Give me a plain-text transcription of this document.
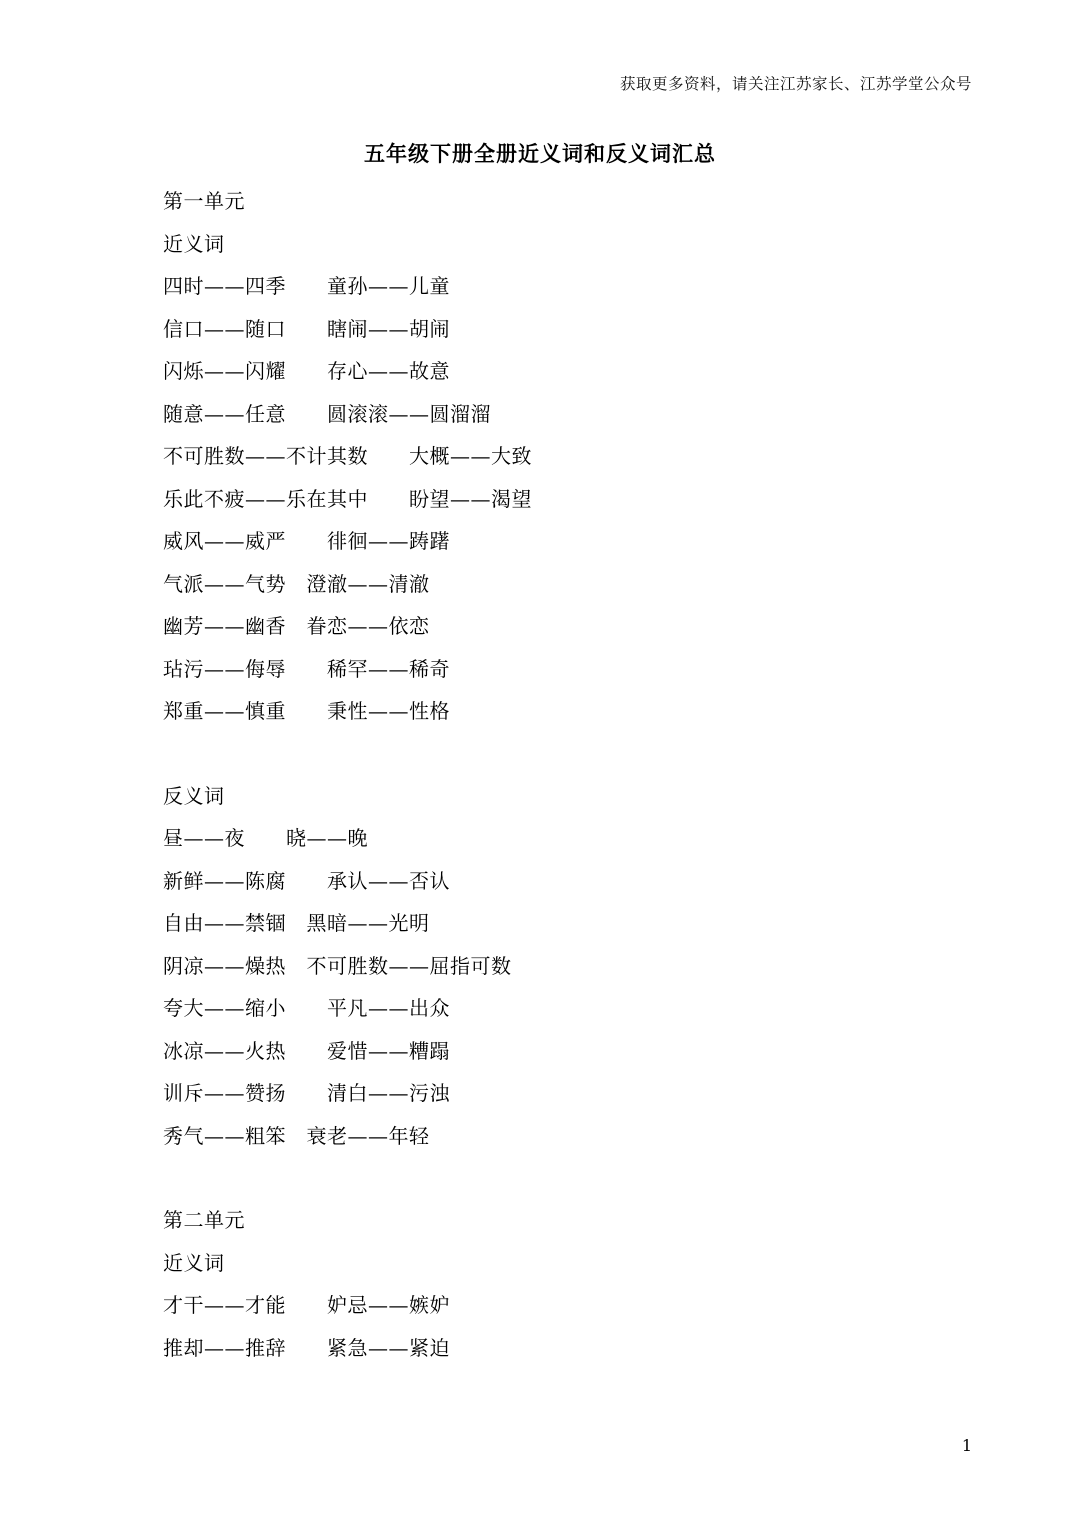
获取更多资料，请关注江苏家长、江苏学堂公众号
五年级下册全册近义词和反义词汇总
第一单元
近义词
四时——四季　　童孙——儿童
信口——随口　　瞎闹——胡闹
闪烁——闪耀　　存心——故意
随意——任意　　圆滚滚——圆溜溜
不可胜数——不计其数　　大概——大致
乐此不疲——乐在其中　　盼望——渴望
威风——威严　　徘徊——踌躇
气派——气势　澄澈——清澈
幽芳——幽香　眷恋——依恋
玷污——侮辱　　稀罕——稀奇
郑重——慎重　　秉性——性格
反义词
昼——夜　　晓——晚
新鲜——陈腐　　承认——否认
自由——禁锢　黑暗——光明
阴凉——燥热　不可胜数——屈指可数
夸大——缩小　　平凡——出众
冰凉——火热　　爱惜——糟蹋
训斥——赞扬　　清白——污浊
秀气——粗笨　衰老——年轻
第二单元
近义词
才干——才能　　妒忌——嫉妒
推却——推辞　　紧急——紧迫
1
